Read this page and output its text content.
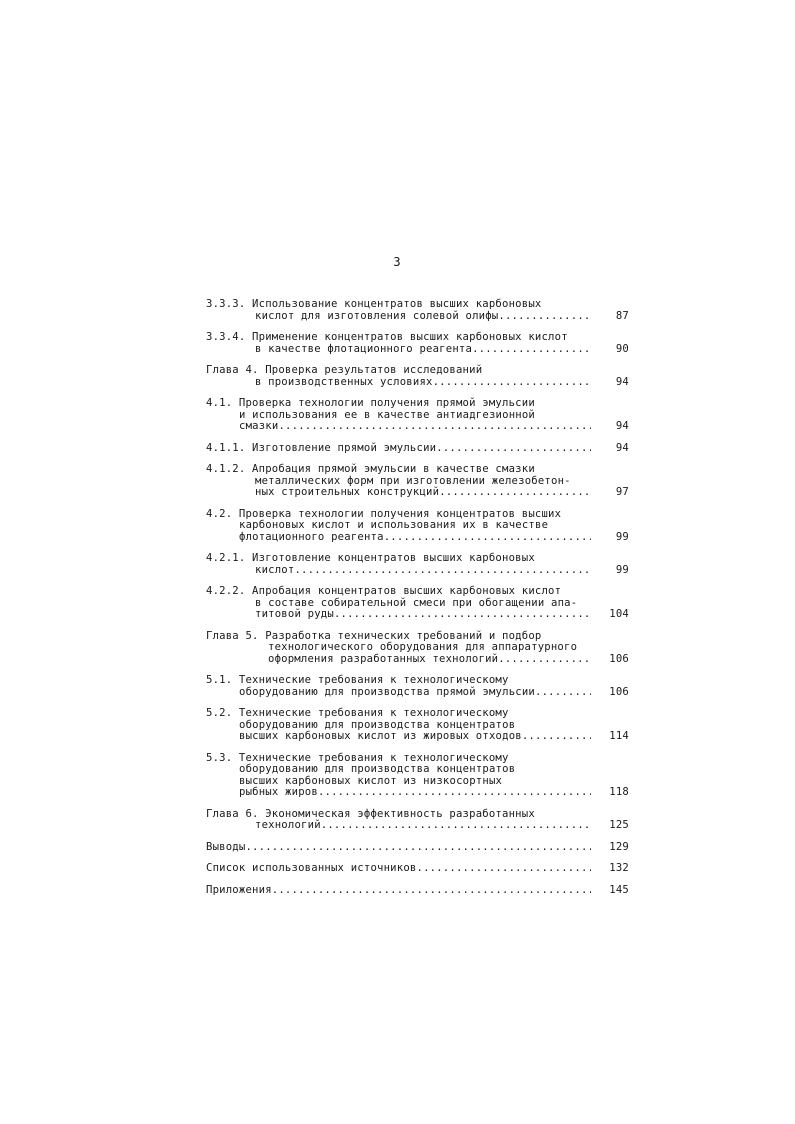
3
3.3.3. Использование концентратов высших карбоновых
кислот для изготовления солевой олифы .....	87
3.3.4. Применение концентратов высших карбоновых кислот
в качестве флотационного реагента .....	90
Глава 4. Проверка результатов исследований
в производственных условиях .....	94
4.1. Проверка технологии получения прямой эмульсии
и использования ее в качестве антиадгезионной
смазки .....	94
4.1.1. Изготовление прямой эмульсии .....	94
4.1.2. Апробация прямой эмульсии в качестве смазки
металлических форм при изготовлении железобетон-
ных строительных конструкций .....	97
4.2. Проверка технологии получения концентратов высших
карбоновых кислот и использования их в качестве
флотационного реагента .....	99
4.2.1. Изготовление концентратов высших карбоновых
кислот .....	99
4.2.2. Апробация концентратов высших карбоновых кислот
в составе собирательной смеси при обогащении апа-
титовой руды .....	104
Глава 5. Разработка технических требований и подбор
технологического оборудования для аппаратурного
оформления разработанных технологий .....	106
5.1. Технические требования к технологическому
оборудованию для производства прямой эмульсии .....	106
5.2. Технические требования к технологическому
оборудованию для производства концентратов
высших карбоновых кислот из жировых отходов .....	114
5.3. Технические требования к технологическому
оборудованию для производства концентратов
высших карбоновых кислот из низкосортных
рыбных жиров .....	118
Глава 6. Экономическая эффективность разработанных
технологий .....	125
Выводы .....	129
Список использованных источников .....	132
Приложения .....	145
